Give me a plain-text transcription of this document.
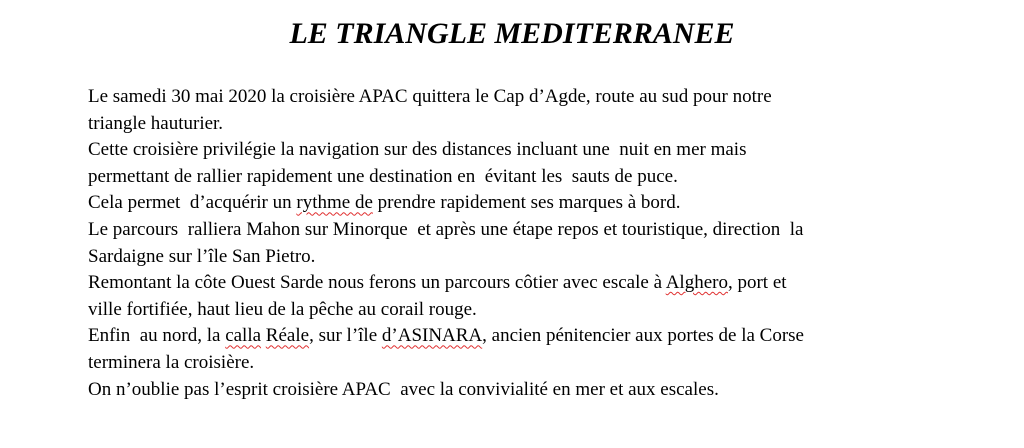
LE TRIANGLE MEDITERRANEE
Le samedi 30 mai 2020 la croisière APAC quittera le Cap d’Agde, route au sud pour notre
triangle hauturier.
Cette croisière privilégie la navigation sur des distances incluant une  nuit en mer mais
permettant de rallier rapidement une destination en  évitant les  sauts de puce.
Cela permet  d’acquérir un rythme de prendre rapidement ses marques à bord.
Le parcours  ralliera Mahon sur Minorque  et après une étape repos et touristique, direction  la
Sardaigne sur l’île San Pietro.
Remontant la côte Ouest Sarde nous ferons un parcours côtier avec escale à Alghero, port et
ville fortifiée, haut lieu de la pêche au corail rouge.
Enfin  au nord, la calla Réale, sur l’île d’ASINARA, ancien pénitencier aux portes de la Corse
terminera la croisière.
On n’oublie pas l’esprit croisière APAC  avec la convivialité en mer et aux escales.
